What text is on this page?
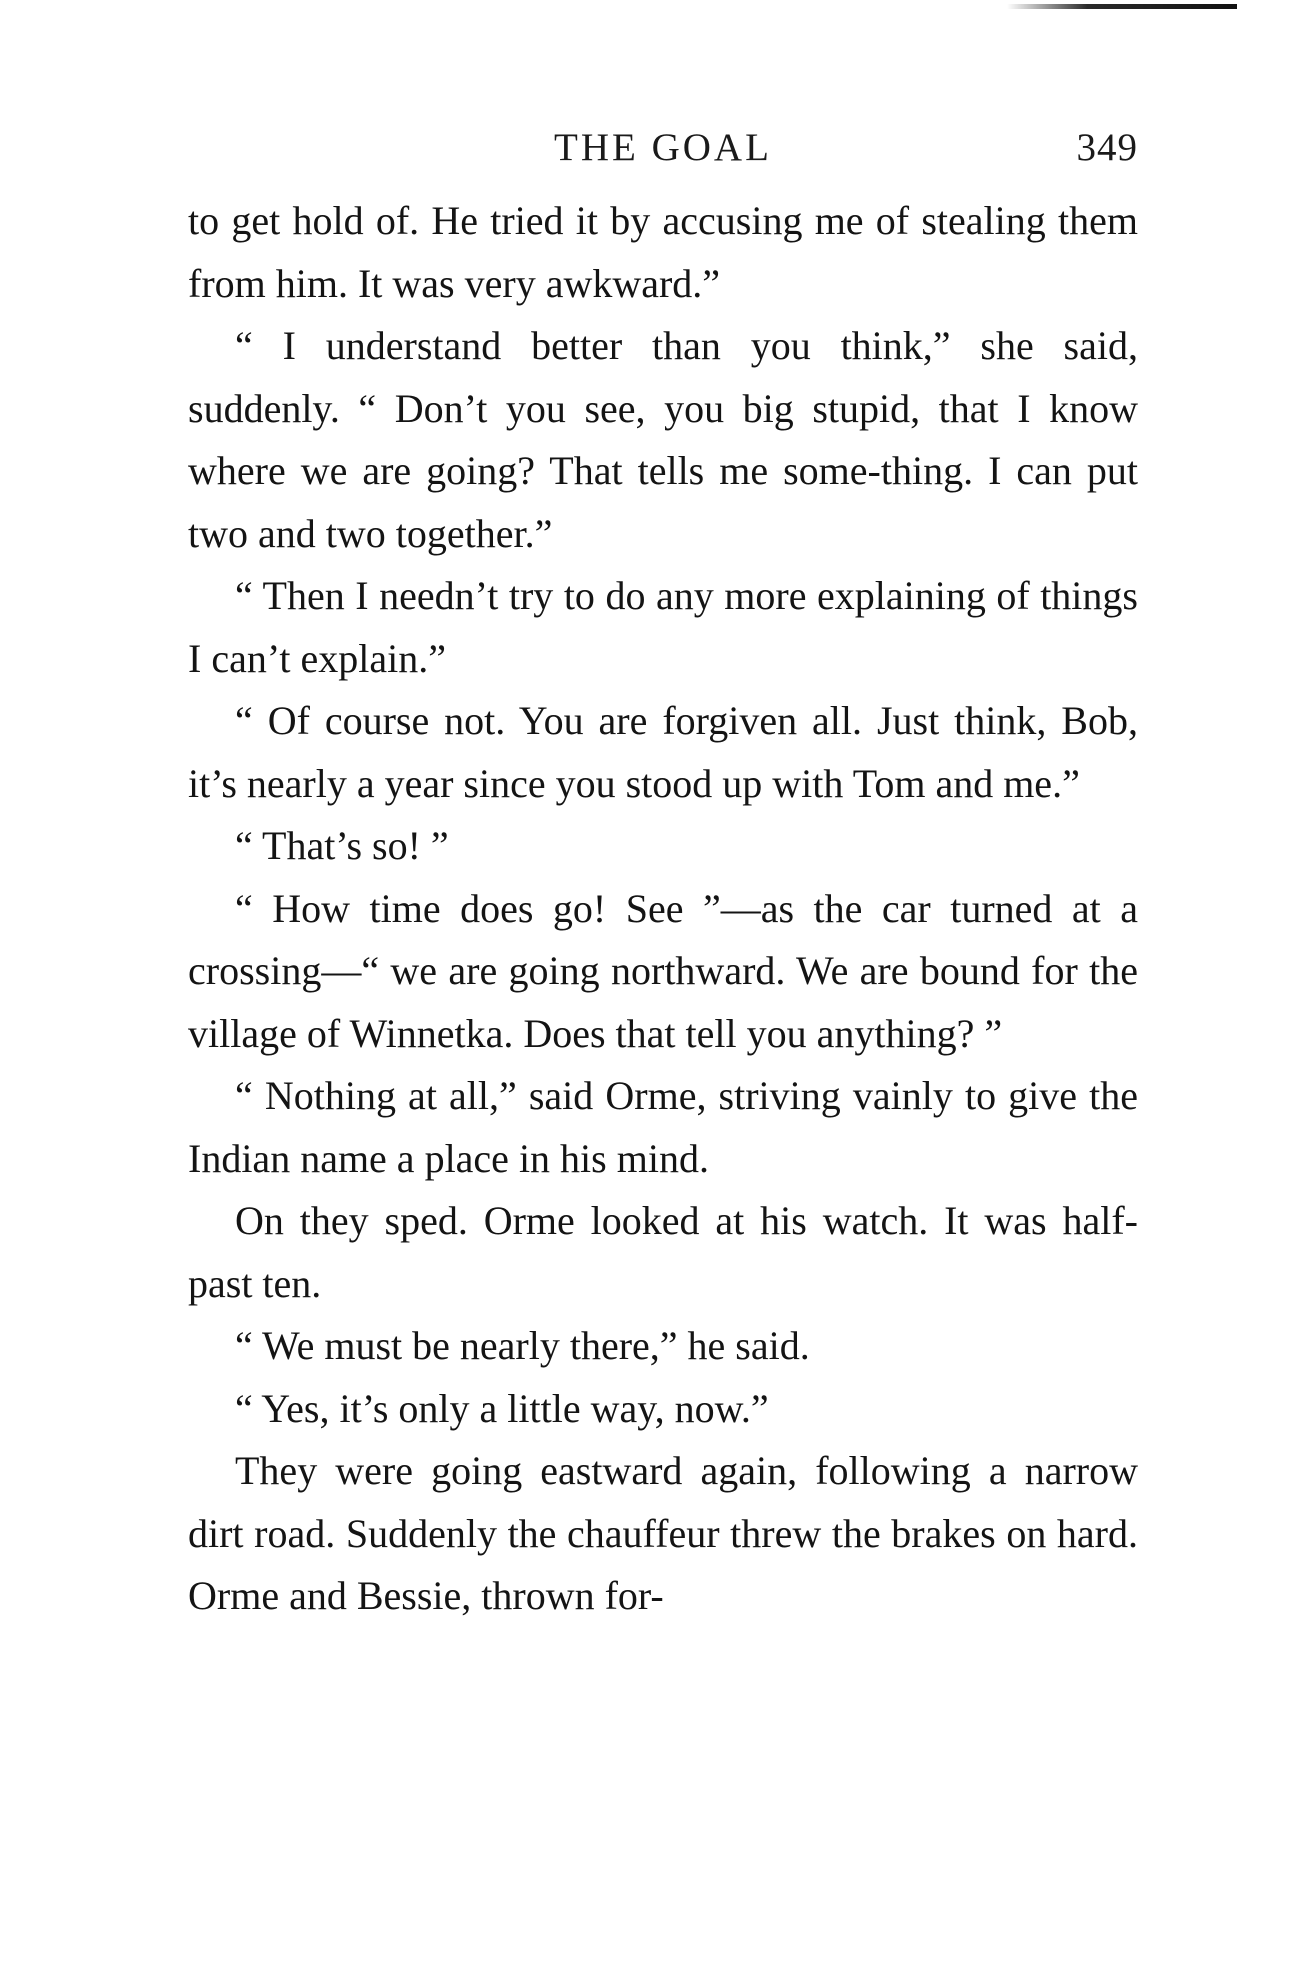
THE GOAL	349

to get hold of. He tried it by accusing me of stealing them from him. It was very awkward.”

“ I understand better than you think,” she said, suddenly. “ Don’t you see, you big stupid, that I know where we are going? That tells me some-thing. I can put two and two together.”

“ Then I needn’t try to do any more explaining of things I can’t explain.”

“ Of course not. You are forgiven all. Just think, Bob, it’s nearly a year since you stood up with Tom and me.”

“ That’s so! ”

“ How time does go! See ”—as the car turned at a crossing—“ we are going northward. We are bound for the village of Winnetka. Does that tell you anything? ”

“ Nothing at all,” said Orme, striving vainly to give the Indian name a place in his mind.

On they sped. Orme looked at his watch. It was half-past ten.

“ We must be nearly there,” he said.

“ Yes, it’s only a little way, now.”

They were going eastward again, following a narrow dirt road. Suddenly the chauffeur threw the brakes on hard. Orme and Bessie, thrown for-
